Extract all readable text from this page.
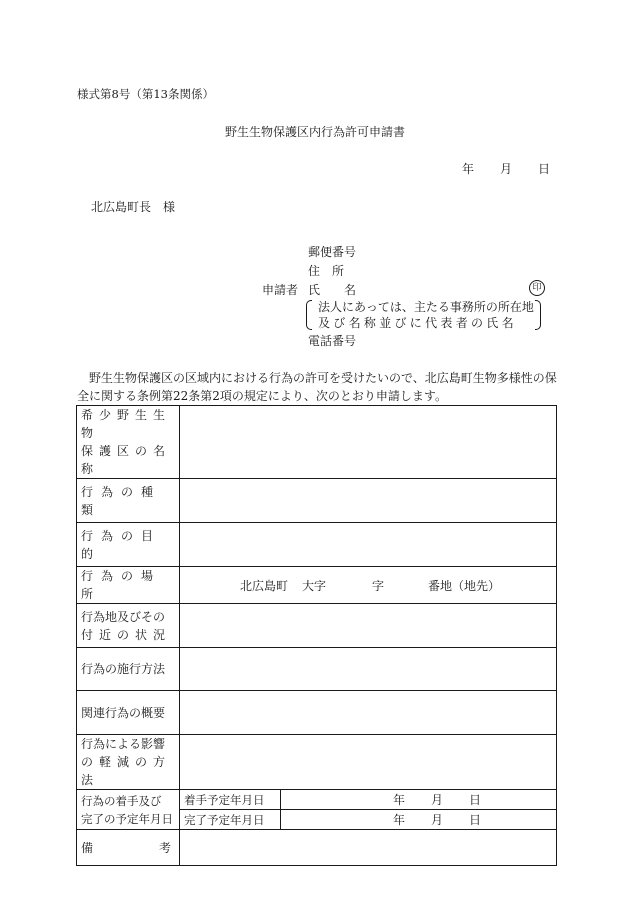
様式第8号（第13条関係）
野生生物保護区内行為許可申請書
年 月 日
北広島町長　様
郵便番号
住　所
申請者 氏　　名	印
法人にあっては、主たる事務所の所在地
及び名称並びに代表者の氏名
電話番号
野生生物保護区の区域内における行為の許可を受けたいので、北広島町生物多様性の保全に関する条例第22条第2項の規定により、次のとおり申請します。
希少野生生物
保護区の名称		

行為の種類		
行為の目的		
行為の場所	北広島町 大字 字 番地（地先）	

行為地及びその
付近の状況		

行為の施行方法		
関連行為の概要		

行為による影響
の軽減の方法		

行為の着手及び
完了の予定年月日	着手予定年月日	年 月 日
	完了予定年月日	年 月 日

備 考		
